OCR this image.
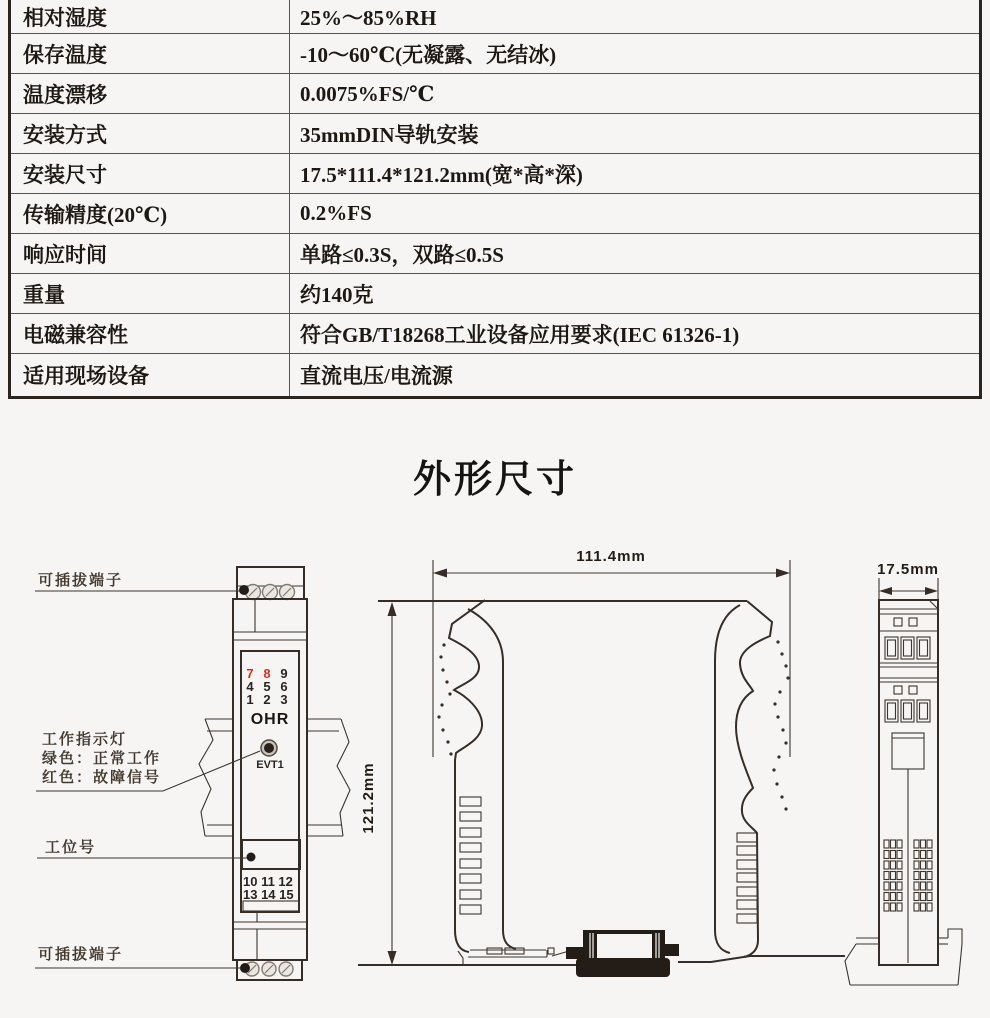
相对湿度	25%～85%RH
保存温度	-10～60℃(无凝露、无结冰)
温度漂移	0.0075%FS/℃
安装方式	35mmDIN导轨安装
安装尺寸	17.5*111.4*121.2mm(宽*高*深)
传输精度(20℃)	0.2%FS
响应时间	单路≤0.3S，双路≤0.5S
重量	约140克
电磁兼容性	符合GB/T18268工业设备应用要求(IEC 61326-1)
适用现场设备	直流电压/电流源
外形尺寸
7 8 9
4 5 6
1 2 3
OHR
EVT1
10 11 12
13 14 15
可插拔端子
工作指示灯
绿色：正常工作
红色：故障信号
工位号
可插拔端子
111.4mm
121.2mm
17.5mm
